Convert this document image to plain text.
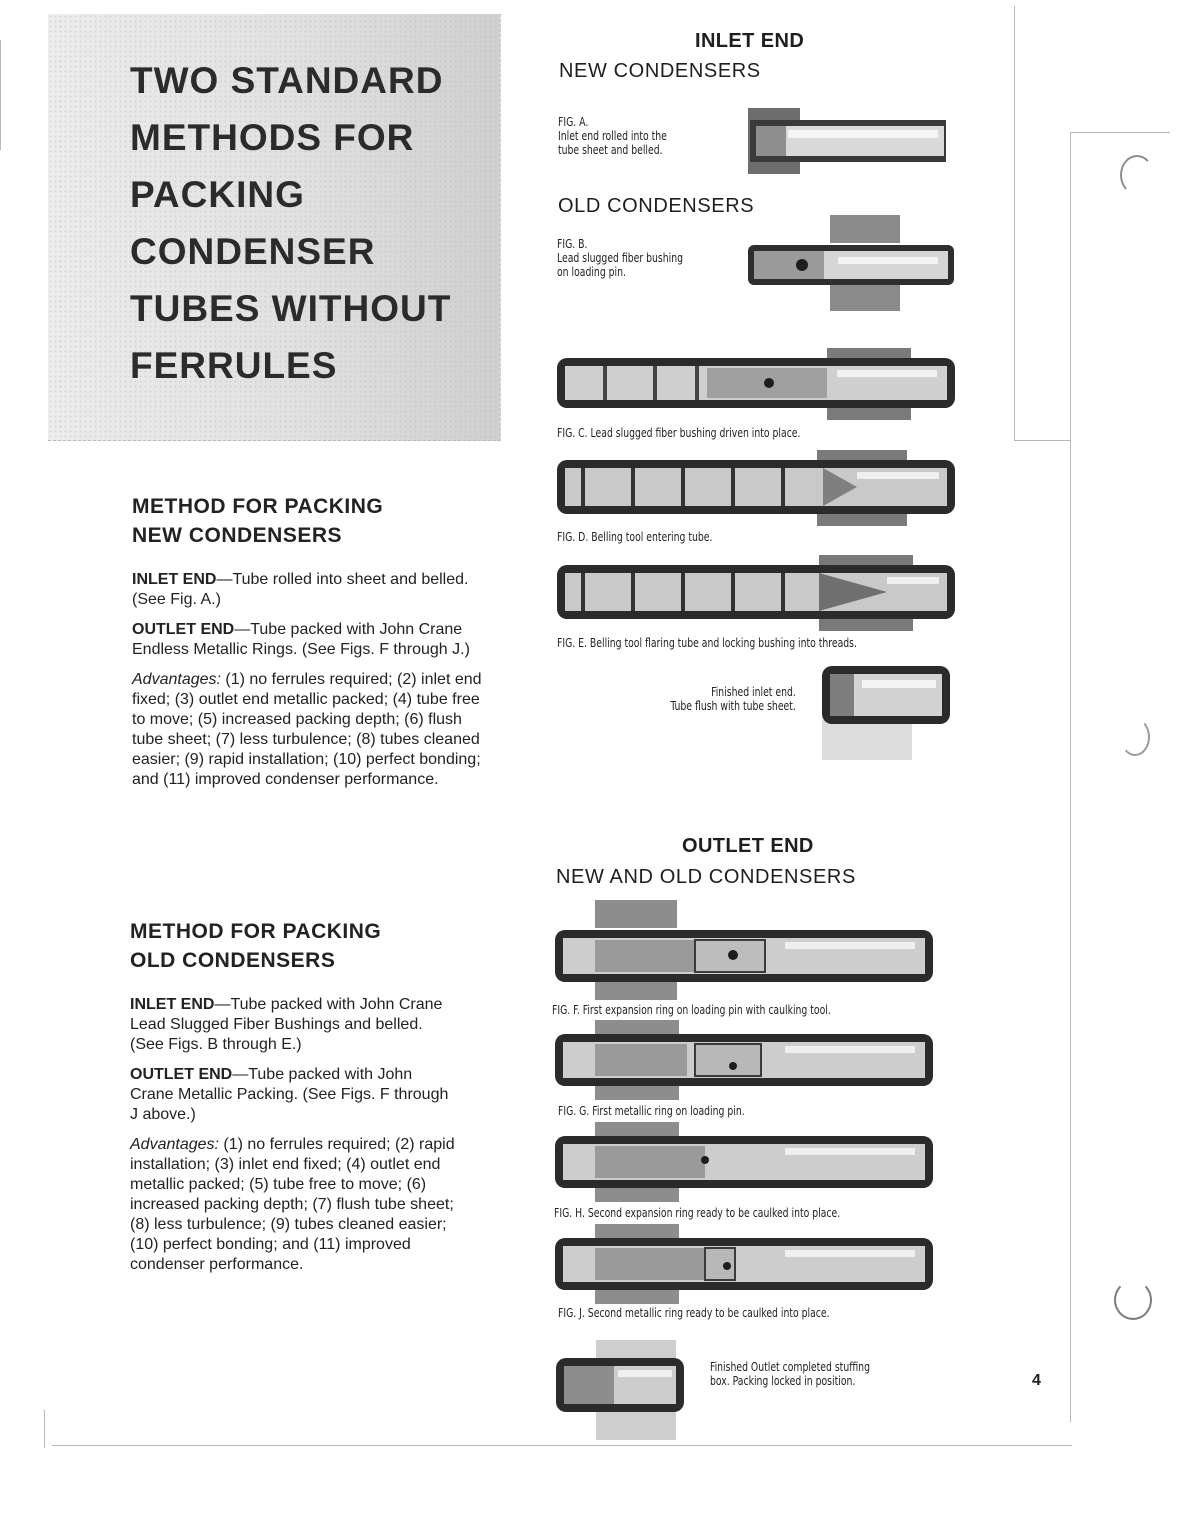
TWO STANDARD
METHODS FOR
PACKING
CONDENSER
TUBES WITHOUT
FERRULES
METHOD FOR PACKING
NEW CONDENSERS

INLET END—Tube rolled into sheet and belled. (See Fig. A.)

OUTLET END—Tube packed with John Crane Endless Metallic Rings. (See Figs. F through J.)

Advantages: (1) no ferrules required; (2) inlet end fixed; (3) outlet end metallic packed; (4) tube free to move; (5) increased packing depth; (6) flush tube sheet; (7) less turbulence; (8) tubes cleaned easier; (9) rapid installation; (10) perfect bonding; and (11) improved condenser performance.

METHOD FOR PACKING
OLD CONDENSERS

INLET END—Tube packed with John Crane Lead Slugged Fiber Bushings and belled. (See Figs. B through E.)

OUTLET END—Tube packed with John Crane Metallic Packing. (See Figs. F through J above.)

Advantages: (1) no ferrules required; (2) rapid installation; (3) inlet end fixed; (4) outlet end metallic packed; (5) tube free to move; (6) increased packing depth; (7) flush tube sheet; (8) less turbulence; (9) tubes cleaned easier; (10) perfect bonding; and (11) improved condenser performance.

INLET END
NEW CONDENSERS
FIG. A.
Inlet end rolled into the
tube sheet and belled.
OLD CONDENSERS
FIG. B.
Lead slugged fiber bushing
on loading pin.
FIG. C. Lead slugged fiber bushing driven into place.
FIG. D. Belling tool entering tube.
FIG. E. Belling tool flaring tube and locking bushing into threads.
Finished inlet end.
Tube flush with tube sheet.
OUTLET END
NEW AND OLD CONDENSERS
FIG. F. First expansion ring on loading pin with caulking tool.
FIG. G. First metallic ring on loading pin.
FIG. H. Second expansion ring ready to be caulked into place.
FIG. J. Second metallic ring ready to be caulked into place.
Finished Outlet completed stuffing
box. Packing locked in position.	4
